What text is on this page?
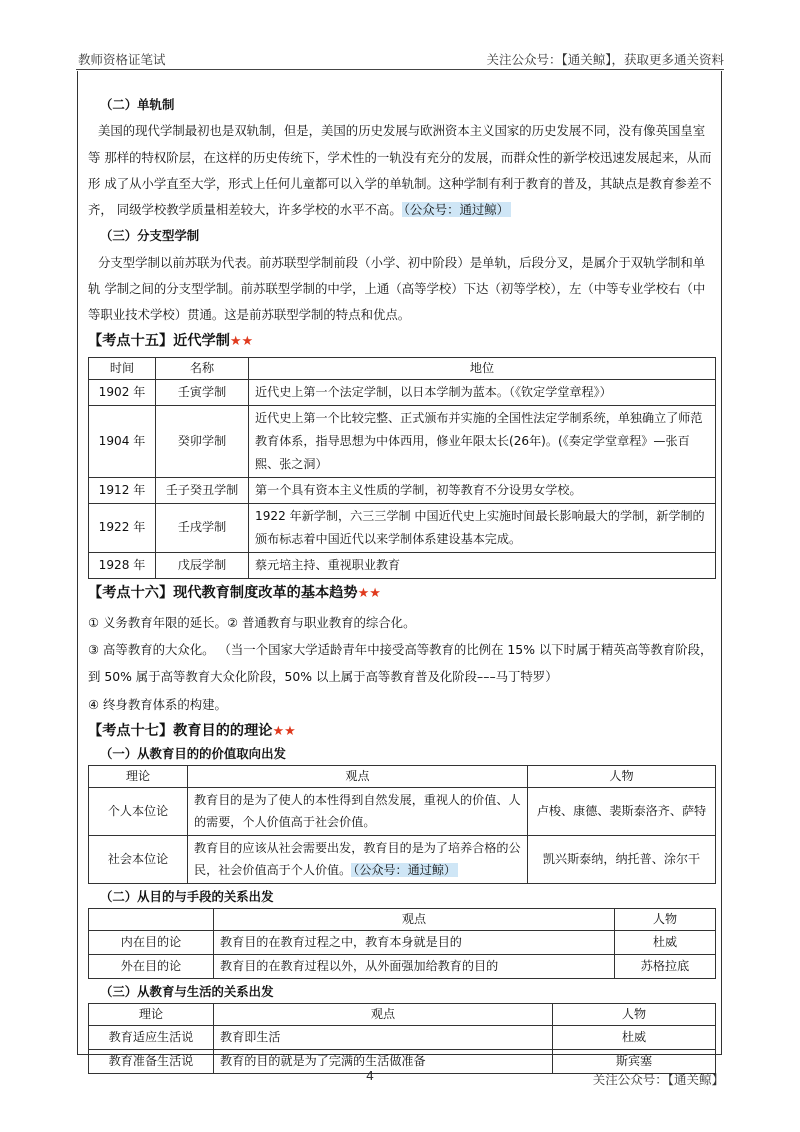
教师资格证笔试	关注公众号：【通关鲸】，获取更多通关资料

（二）单轨制

美国的现代学制最初也是双轨制，但是，美国的历史发展与欧洲资本主义国家的历史发展不同，没有像英国皇室等 那样的特权阶层，在这样的历史传统下，学术性的一轨没有充分的发展，而群众性的新学校迅速发展起来，从而形 成了从小学直至大学，形式上任何儿童都可以入学的单轨制。这种学制有利于教育的普及，其缺点是教育参差不齐， 同级学校教学质量相差较大，许多学校的水平不高。 （公众号：通过鲸）

（三）分支型学制

分支型学制以前苏联为代表。前苏联型学制前段（小学、初中阶段）是单轨，后段分叉，是属介于双轨学制和单 轨 学制之间的分支型学制。前苏联型学制的中学，上通（高等学校）下达（初等学校），左（中等专业学校右（中等职业技术学校）贯通。这是前苏联型学制的特点和优点。

【考点十五】近代学制★★
时间	名称	地位
1902 年	壬寅学制	近代史上第一个法定学制，以日本学制为蓝本。（《钦定学堂章程》）
1904 年	癸卯学制	近代史上第一个比较完整、正式颁布并实施的全国性法定学制系统，单独确立了师范教育体系，指导思想为中体西用，修业年限太长(26年)。(《奏定学堂章程》—张百熙、张之洞）
1912 年	壬子癸丑学制	第一个具有资本主义性质的学制，初等教育不分设男女学校。
1922 年	壬戌学制	1922 年新学制，六三三学制 中国近代史上实施时间最长影响最大的学制，新学制的颁布标志着中国近代以来学制体系建设基本完成。
1928 年	戊辰学制	蔡元培主持、重视职业教育
【考点十六】现代教育制度改革的基本趋势★★

① 义务教育年限的延长。② 普通教育与职业教育的综合化。

③ 高等教育的大众化。 （当一个国家大学适龄青年中接受高等教育的比例在 15% 以下时属于精英高等教育阶段， 到 50% 属于高等教育大众化阶段，50% 以上属于高等教育普及化阶段–––马丁特罗）

④ 终身教育体系的构建。

【考点十七】教育目的的理论★★
（一）从教育目的的价值取向出发
理论	观点	人物
个人本位论	教育目的是为了使人的本性得到自然发展，重视人的价值、人的需要，个人价值高于社会价值。	卢梭、康德、裴斯泰洛齐、萨特
社会本位论	教育目的应该从社会需要出发，教育目的是为了培养合格的公民，社会价值高于个人价值。 （公众号：通过鲸）	凯兴斯泰纳，纳托普、涂尔干
（二）从目的与手段的关系出发
	观点	人物
内在目的论	教育目的在教育过程之中，教育本身就是目的	杜威
外在目的论	教育目的在教育过程以外，从外面强加给教育的目的	苏格拉底
（三）从教育与生活的关系出发
理论	观点	人物
教育适应生活说	教育即生活	杜威
教育准备生活说	教育的目的就是为了完满的生活做准备	斯宾塞
4	关注公众号：【通关鲸】
